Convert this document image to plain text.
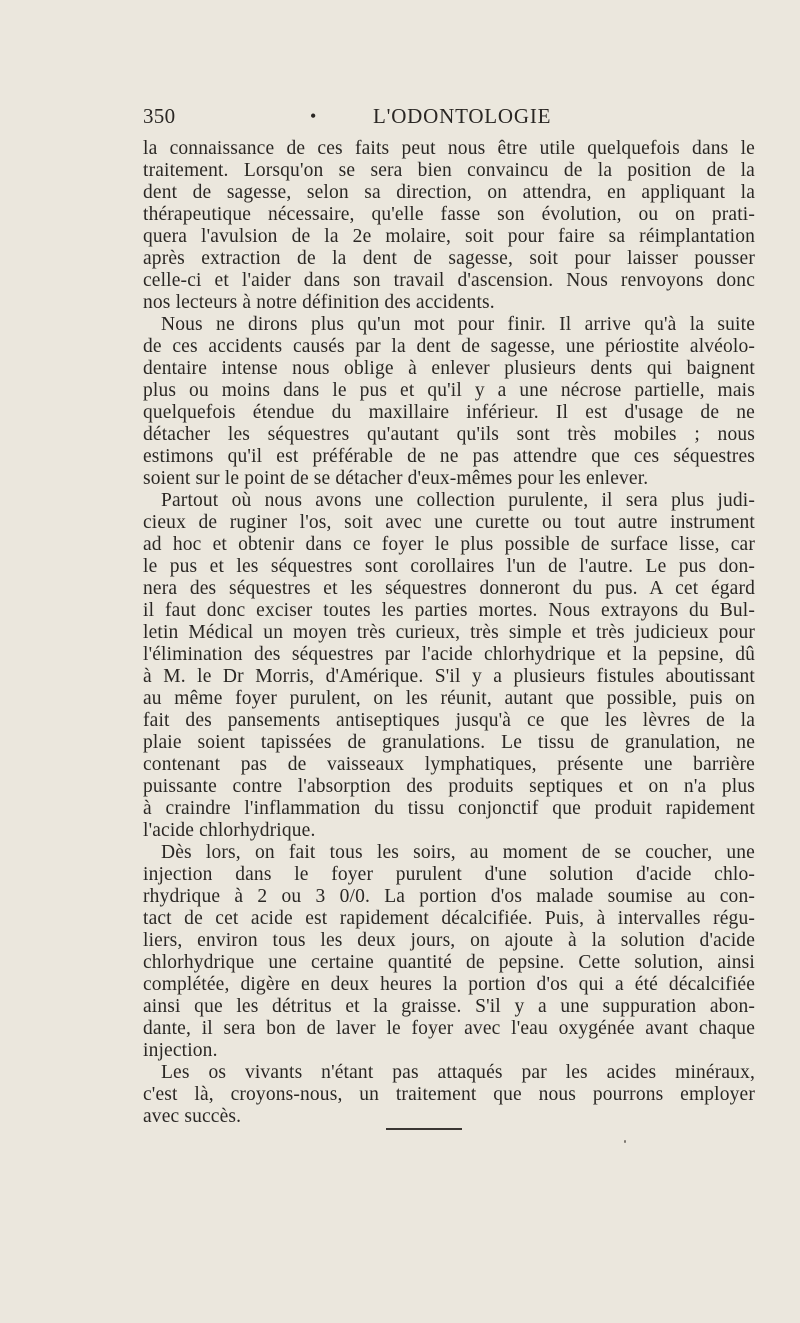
350	•	L'ODONTOLOGIE
la connaissance de ces faits peut nous être utile quelquefois dans le
traitement. Lorsqu'on se sera bien convaincu de la position de la
dent de sagesse, selon sa direction, on attendra, en appliquant la
thérapeutique nécessaire, qu'elle fasse son évolution, ou on prati-
quera l'avulsion de la 2e molaire, soit pour faire sa réimplantation
après extraction de la dent de sagesse, soit pour laisser pousser
celle-ci et l'aider dans son travail d'ascension. Nous renvoyons donc
nos lecteurs à notre définition des accidents.
Nous ne dirons plus qu'un mot pour finir. Il arrive qu'à la suite
de ces accidents causés par la dent de sagesse, une périostite alvéolo-
dentaire intense nous oblige à enlever plusieurs dents qui baignent
plus ou moins dans le pus et qu'il y a une nécrose partielle, mais
quelquefois étendue du maxillaire inférieur. Il est d'usage de ne
détacher les séquestres qu'autant qu'ils sont très mobiles ; nous
estimons qu'il est préférable de ne pas attendre que ces séquestres
soient sur le point de se détacher d'eux-mêmes pour les enlever.
Partout où nous avons une collection purulente, il sera plus judi-
cieux de ruginer l'os, soit avec une curette ou tout autre instrument
ad hoc et obtenir dans ce foyer le plus possible de surface lisse, car
le pus et les séquestres sont corollaires l'un de l'autre. Le pus don-
nera des séquestres et les séquestres donneront du pus. A cet égard
il faut donc exciser toutes les parties mortes. Nous extrayons du Bul-
letin Médical un moyen très curieux, très simple et très judicieux pour
l'élimination des séquestres par l'acide chlorhydrique et la pepsine, dû
à M. le Dr Morris, d'Amérique. S'il y a plusieurs fistules aboutissant
au même foyer purulent, on les réunit, autant que possible, puis on
fait des pansements antiseptiques jusqu'à ce que les lèvres de la
plaie soient tapissées de granulations. Le tissu de granulation, ne
contenant pas de vaisseaux lymphatiques, présente une barrière
puissante contre l'absorption des produits septiques et on n'a plus
à craindre l'inflammation du tissu conjonctif que produit rapidement
l'acide chlorhydrique.
Dès lors, on fait tous les soirs, au moment de se coucher, une
injection dans le foyer purulent d'une solution d'acide chlo-
rhydrique à 2 ou 3 0/0. La portion d'os malade soumise au con-
tact de cet acide est rapidement décalcifiée. Puis, à intervalles régu-
liers, environ tous les deux jours, on ajoute à la solution d'acide
chlorhydrique une certaine quantité de pepsine. Cette solution, ainsi
complétée, digère en deux heures la portion d'os qui a été décalcifiée
ainsi que les détritus et la graisse. S'il y a une suppuration abon-
dante, il sera bon de laver le foyer avec l'eau oxygénée avant chaque
injection.
Les os vivants n'étant pas attaqués par les acides minéraux,
c'est là, croyons-nous, un traitement que nous pourrons employer
avec succès.
